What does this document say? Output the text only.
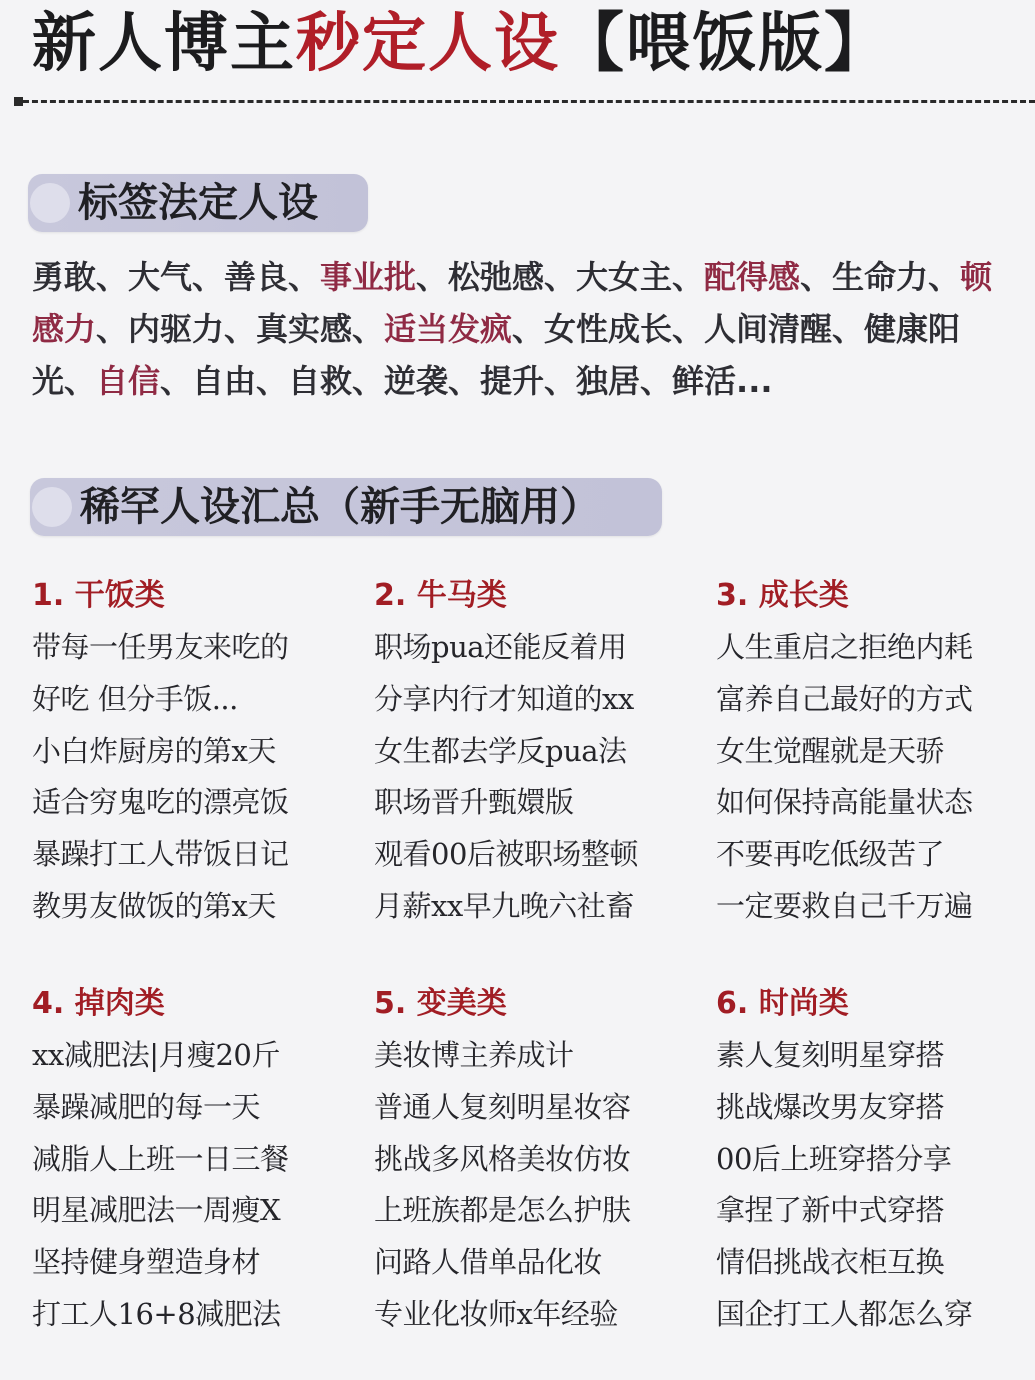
新人博主秒定人设【喂饭版】
标签法定人设
勇敢、大气、善良、事业批、松弛感、大女主、配得感、生命力、顿感力、内驱力、真实感、适当发疯、女性成长、人间清醒、健康阳光、自信、自由、自救、逆袭、提升、独居、鲜活...
稀罕人设汇总（新手无脑用）
1. 干饭类
带每一任男友来吃的
好吃 但分手饭...
小白炸厨房的第x天
适合穷鬼吃的漂亮饭
暴躁打工人带饭日记
教男友做饭的第x天
2. 牛马类
职场pua还能反着用
分享内行才知道的xx
女生都去学反pua法
职场晋升甄嬛版
观看00后被职场整顿
月薪xx早九晚六社畜
3. 成长类
人生重启之拒绝内耗
富养自己最好的方式
女生觉醒就是天骄
如何保持高能量状态
不要再吃低级苦了
一定要救自己千万遍
4. 掉肉类
xx减肥法|月瘦20斤
暴躁减肥的每一天
减脂人上班一日三餐
明星减肥法一周瘦X
坚持健身塑造身材
打工人16+8减肥法
5. 变美类
美妆博主养成计
普通人复刻明星妆容
挑战多风格美妆仿妆
上班族都是怎么护肤
问路人借单品化妆
专业化妆师x年经验
6. 时尚类
素人复刻明星穿搭
挑战爆改男友穿搭
00后上班穿搭分享
拿捏了新中式穿搭
情侣挑战衣柜互换
国企打工人都怎么穿
